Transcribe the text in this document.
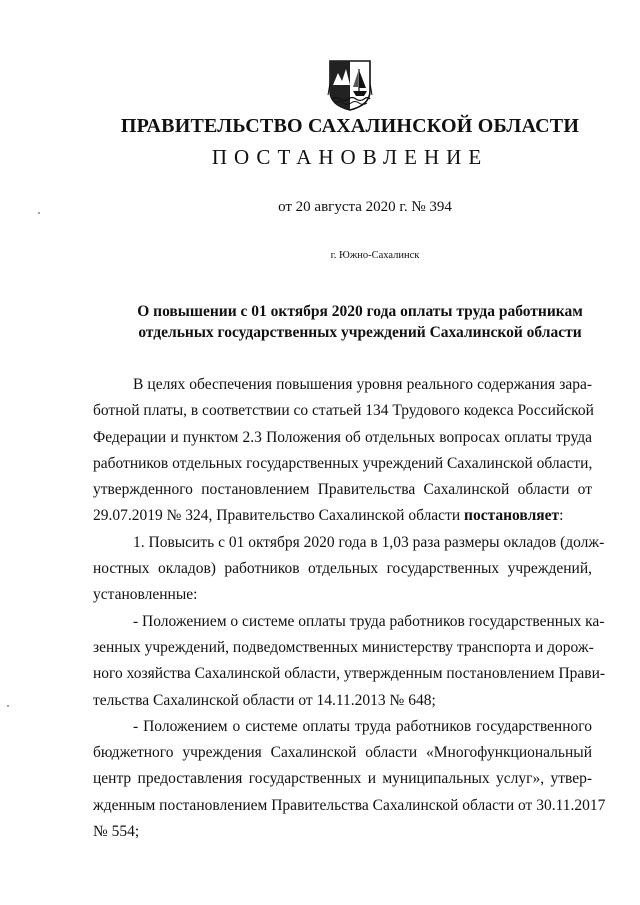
ПРАВИТЕЛЬСТВО САХАЛИНСКОЙ ОБЛАСТИ
ПОСТАНОВЛЕНИЕ
от 20 августа 2020 г. № 394
г. Южно-Сахалинск
О повышении с 01 октября 2020 года оплаты труда работникам
отдельных государственных учреждений Сахалинской области
В целях обеспечения повышения уровня реального содержания зара-
ботной платы, в соответствии со статьей 134 Трудового кодекса Российской
Федерации и пунктом 2.3 Положения об отдельных вопросах оплаты труда
работников отдельных государственных учреждений Сахалинской области,
утвержденного постановлением Правительства Сахалинской области от
29.07.2019 № 324, Правительство Сахалинской области постановляет:
1. Повысить с 01 октября 2020 года в 1,03 раза размеры окладов (долж-
ностных окладов) работников отдельных государственных учреждений,
установленные:
- Положением о системе оплаты труда работников государственных ка-
зенных учреждений, подведомственных министерству транспорта и дорож-
ного хозяйства Сахалинской области, утвержденным постановлением Прави-
тельства Сахалинской области от 14.11.2013 № 648;
- Положением о системе оплаты труда работников государственного
бюджетного учреждения Сахалинской области «Многофункциональный
центр предоставления государственных и муниципальных услуг», утвер-
жденным постановлением Правительства Сахалинской области от 30.11.2017
№ 554;
